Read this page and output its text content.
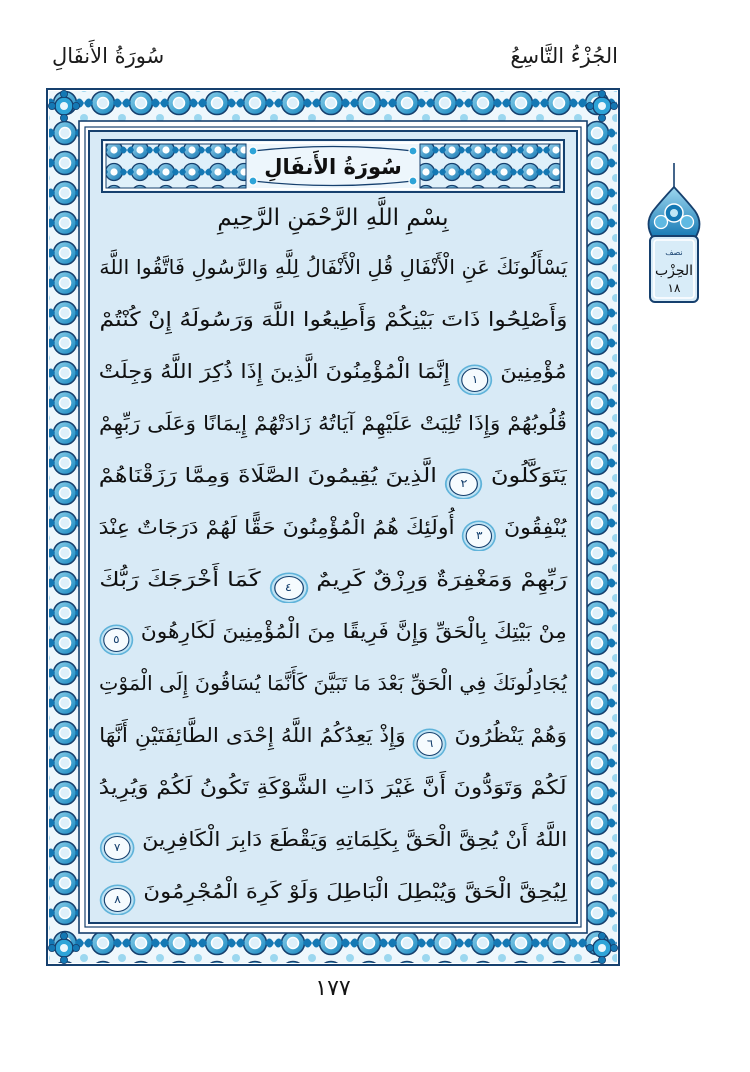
الجُزْءُ التَّاسِعُ
سُورَةُ الأَنفَالِ
سُورَةُ الأَنفَالِ
بِسْمِ اللَّهِ الرَّحْمَنِ الرَّحِيمِ
يَسْأَلُونَكَ عَنِ الْأَنْفَالِ قُلِ الْأَنْفَالُ لِلَّهِ وَالرَّسُولِ فَاتَّقُوا اللَّهَ
وَأَصْلِحُوا ذَاتَ بَيْنِكُمْ وَأَطِيعُوا اللَّهَ وَرَسُولَهُ إِنْ كُنْتُمْ
مُؤْمِنِينَ
١
إِنَّمَا الْمُؤْمِنُونَ الَّذِينَ إِذَا ذُكِرَ اللَّهُ وَجِلَتْ
قُلُوبُهُمْ وَإِذَا تُلِيَتْ عَلَيْهِمْ آيَاتُهُ زَادَتْهُمْ إِيمَانًا وَعَلَى رَبِّهِمْ
يَتَوَكَّلُونَ
٢
الَّذِينَ يُقِيمُونَ الصَّلَاةَ وَمِمَّا رَزَقْنَاهُمْ
يُنْفِقُونَ
٣
أُولَئِكَ هُمُ الْمُؤْمِنُونَ حَقًّا لَهُمْ دَرَجَاتٌ عِنْدَ
رَبِّهِمْ وَمَغْفِرَةٌ وَرِزْقٌ كَرِيمٌ
٤
كَمَا أَخْرَجَكَ رَبُّكَ
مِنْ بَيْتِكَ بِالْحَقِّ وَإِنَّ فَرِيقًا مِنَ الْمُؤْمِنِينَ لَكَارِهُونَ
٥
يُجَادِلُونَكَ فِي الْحَقِّ بَعْدَ مَا تَبَيَّنَ كَأَنَّمَا يُسَاقُونَ إِلَى الْمَوْتِ
وَهُمْ يَنْظُرُونَ
٦
وَإِذْ يَعِدُكُمُ اللَّهُ إِحْدَى الطَّائِفَتَيْنِ أَنَّهَا
لَكُمْ وَتَوَدُّونَ أَنَّ غَيْرَ ذَاتِ الشَّوْكَةِ تَكُونُ لَكُمْ وَيُرِيدُ
اللَّهُ أَنْ يُحِقَّ الْحَقَّ بِكَلِمَاتِهِ وَيَقْطَعَ دَابِرَ الْكَافِرِينَ
٧
لِيُحِقَّ الْحَقَّ وَيُبْطِلَ الْبَاطِلَ وَلَوْ كَرِهَ الْمُجْرِمُونَ
٨
نصف
الحِزْب
١٨
١٧٧
